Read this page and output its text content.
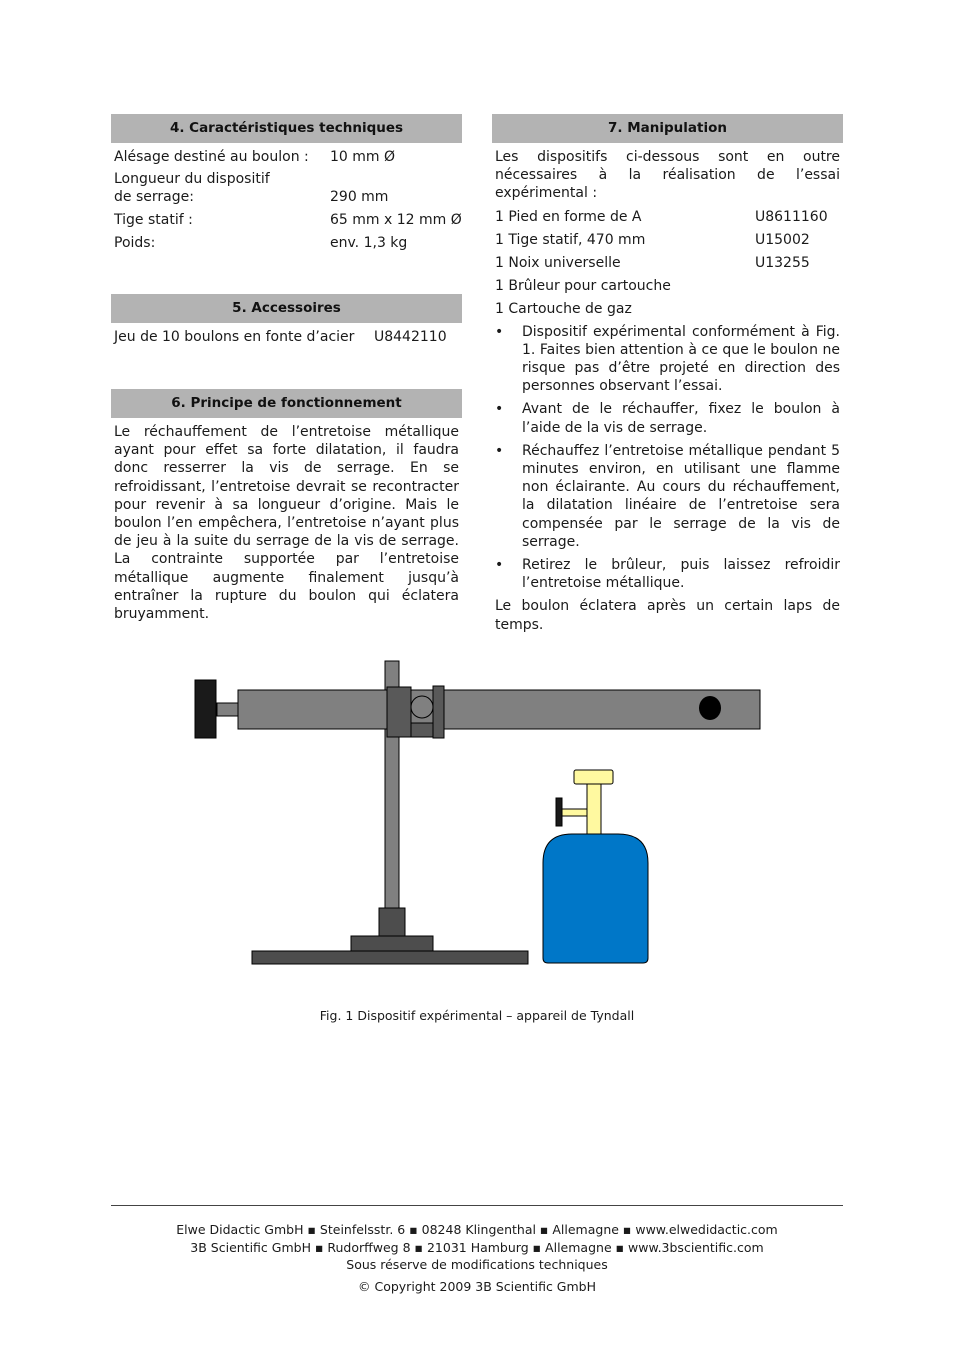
4. Caractéristiques techniques
Alésage destiné au boulon : 10 mm Ø
Longueur du dispositif
de serrage:	290 mm
Tige statif :	65 mm x 12 mm Ø
Poids:	env. 1,3 kg
5. Accessoires
Jeu de 10 boulons en fonte d’acier U8442110
6. Principe de fonctionnement

Le réchauffement de l’entretoise métallique ayant pour effet sa forte dilatation, il faudra donc resserrer la vis de serrage. En se refroidissant, l’entretoise devrait se recontracter pour revenir à sa longueur d’origine. Mais le boulon l’en empêchera, l’entretoise n’ayant plus de jeu à la suite du serrage de la vis de serrage. La contrainte supportée par l’entretoise métallique augmente finalement jusqu’à entraîner la rupture du boulon qui éclatera bruyamment.

7. Manipulation

Les dispositifs ci-dessous sont en outre nécessaires à la réalisation de l’essai expérimental :

1 Pied en forme de A	U8611160
1 Tige statif, 470 mm	U15002
1 Noix universelle	U13255
1 Brûleur pour cartouche
1 Cartouche de gaz
• Dispositif expérimental conformément à Fig. 1. Faites bien attention à ce que le boulon ne risque pas d’être projeté en direction des personnes observant l’essai.
• Avant de le réchauffer, fixez le boulon à l’aide de la vis de serrage.
• Réchauffez l’entretoise métallique pendant 5 minutes environ, en utilisant une flamme non éclairante. Au cours du réchauffement, la dilatation linéaire de l’entretoise sera compensée par le serrage de la vis de serrage.
• Retirez le brûleur, puis laissez refroidir l’entretoise métallique.

Le boulon éclatera après un certain laps de temps.

Fig. 1 Dispositif expérimental – appareil de Tyndall
Elwe Didactic GmbH ▪ Steinfelsstr. 6 ▪ 08248 Klingenthal ▪ Allemagne ▪ www.elwedidactic.com
3B Scientific GmbH ▪ Rudorffweg 8 ▪ 21031 Hamburg ▪ Allemagne ▪ www.3bscientific.com
Sous réserve de modifications techniques
© Copyright 2009 3B Scientific GmbH
